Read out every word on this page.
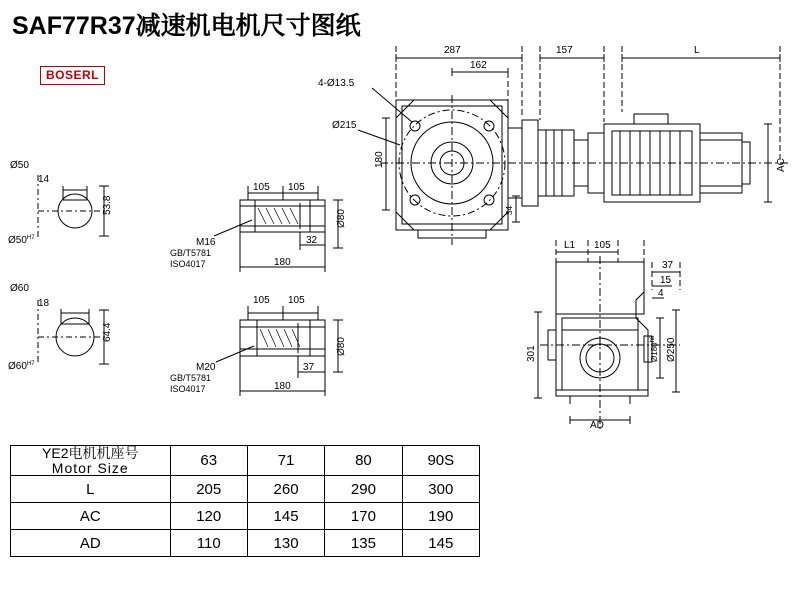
SAF77R37减速机电机尺寸图纸
BOSERL
Ø50
14
53.8
$Ø50^{H7}$
Ø60
18
64.4
$Ø60^{H7}$
105 105
M16
GB/T5781
ISO4017
32
180
Ø80
105 105
M20
GB/T5781
ISO4017
37
180
Ø80
287
162
157	L
4-Ø13.5
Ø215
180
34
AC
L1 105
37
15
4
301	$Ø180^{h6}$	Ø250
AD
YE2电机机座号
Motor Size	63	71	80	90S
L	205	260	290	300
AC	120	145	170	190
AD	110	130	135	145
